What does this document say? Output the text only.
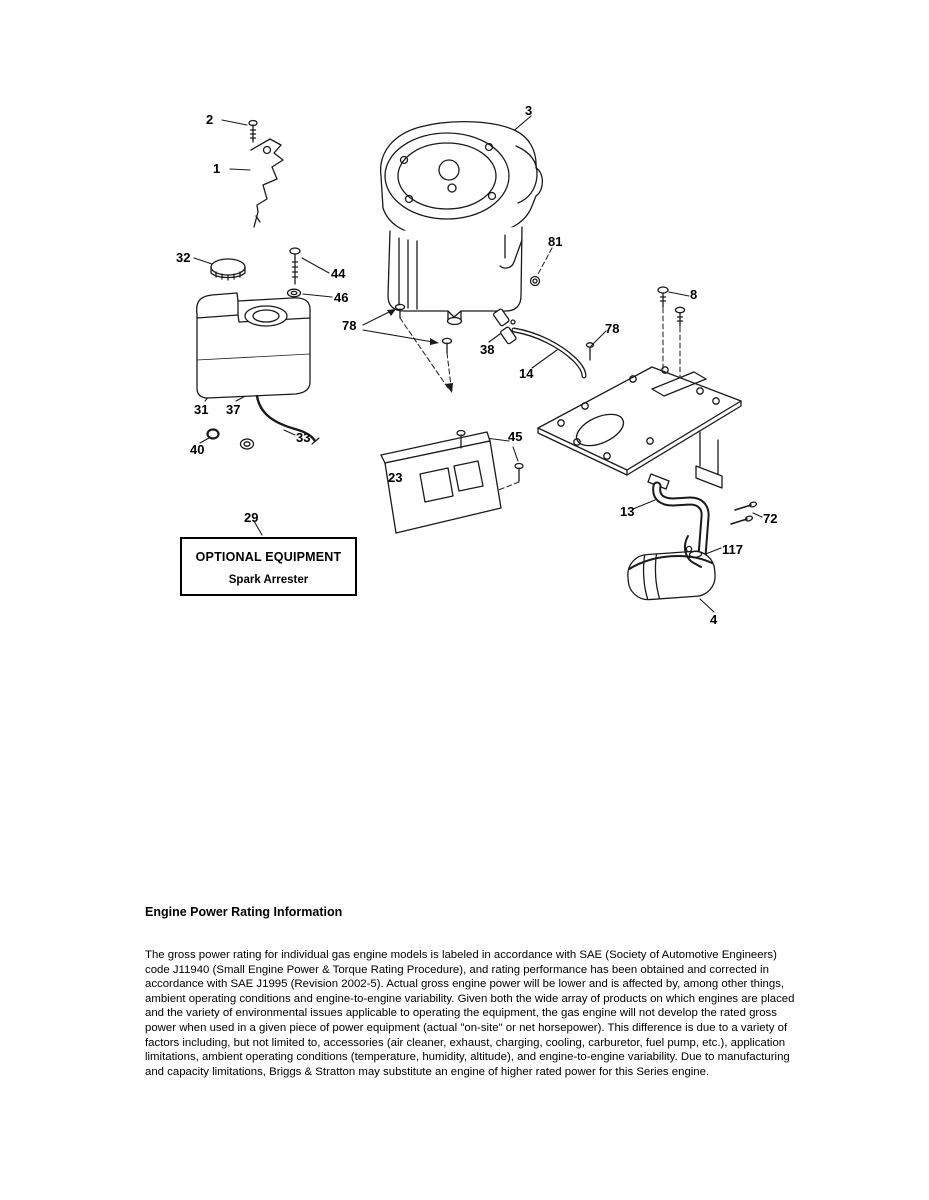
2
1
3
32
44
46
78
81
8
38
14
78
31 37
33
40
23
45
13	72
117
29
4
OPTIONAL EQUIPMENT
Spark Arrester
Engine Power Rating Information

The gross power rating for individual gas engine models is labeled in accordance with SAE (Society of Automotive Engineers) code J11940 (Small Engine Power & Torque Rating Procedure), and rating performance has been obtained and corrected in accordance with SAE J1995 (Revision 2002-5). Actual gross engine power will be lower and is affected by, among other things, ambient operating conditions and engine-to-engine variability. Given both the wide array of products on which engines are placed and the variety of environmental issues applicable to operating the equipment, the gas engine will not develop the rated gross power when used in a given piece of power equipment (actual "on-site" or net horsepower). This difference is due to a variety of factors including, but not limited to, accessories (air cleaner, exhaust, charging, cooling, carburetor, fuel pump, etc.), application limitations, ambient operating conditions (temperature, humidity, altitude), and engine-to-engine variability. Due to manufacturing and capacity limitations, Briggs & Stratton may substitute an engine of higher rated power for this Series engine.
